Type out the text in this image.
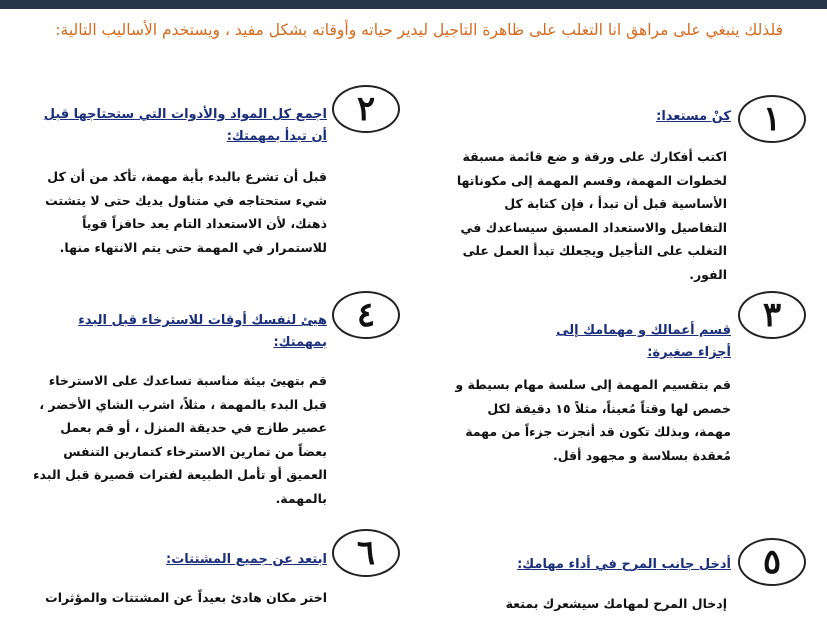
فلذلك ينبغي على مراهق انا التغلب على ظاهرة التاجيل ليدير حياته وأوقاته بشكل مفيد ، ويستخدم الأساليب التالية:
١
كنْ مستعدا:
اكتب أفكارك على ورقة و ضع قائمة مسبقة لخطوات المهمة، وقسم المهمة إلى مكوناتها الأساسية قبل أن تبدأ ، فإن كتابة كل التفاصيل والاستعداد المسبق سيساعدك في التغلب على التأجيل ويجعلك تبدأ العمل على الفور.
٢
اجمع كل المواد والأدوات التي ستحتاجها قبل أن تبدأ بمهمتك:
قبل أن تشرع بالبدء بأية مهمة، تأكد من أن كل شيء ستحتاجه في متناول يديك حتى لا يتشتت ذهنك، لأن الاستعداد التام يعد حافزاً قوياً للاستمرار في المهمة حتى يتم الانتهاء منها.
٣
قسم أعمالك و مهمامك إلى أجزاء صغيرة:
قم بتقسيم المهمة إلى سلسة مهام بسيطة و خصص لها وقتاً مُعيناً، مثلاً ١٥ دقيقة لكل مهمة، وبذلك تكون قد أنجزت جزءاً من مهمة مُعقدة بسلاسة و مجهود أقل.
٤
هيئ لنفسك أوقات للاسترخاء قبل البدء بمهمتك:
قم بتهيئ بيئة مناسبة تساعدك على الاسترخاء قبل البدء بالمهمة ، مثلاً، اشرب الشاي الأخضر ، عصير طازج في حديقة المنزل ، أو قم بعمل بعضاً من تمارين الاسترخاء كتمارين التنفس العميق أو تأمل الطبيعة لفترات قصيرة قبل البدء بالمهمة.
٥
أدخل جانب المرح في أداء مهامك:
إدخال المرح لمهامك سيشعرك بمتعة
٦
ابتعد عن جميع المشتتات:
اختر مكان هادئ بعيداً عن المشتتات والمؤثرات
